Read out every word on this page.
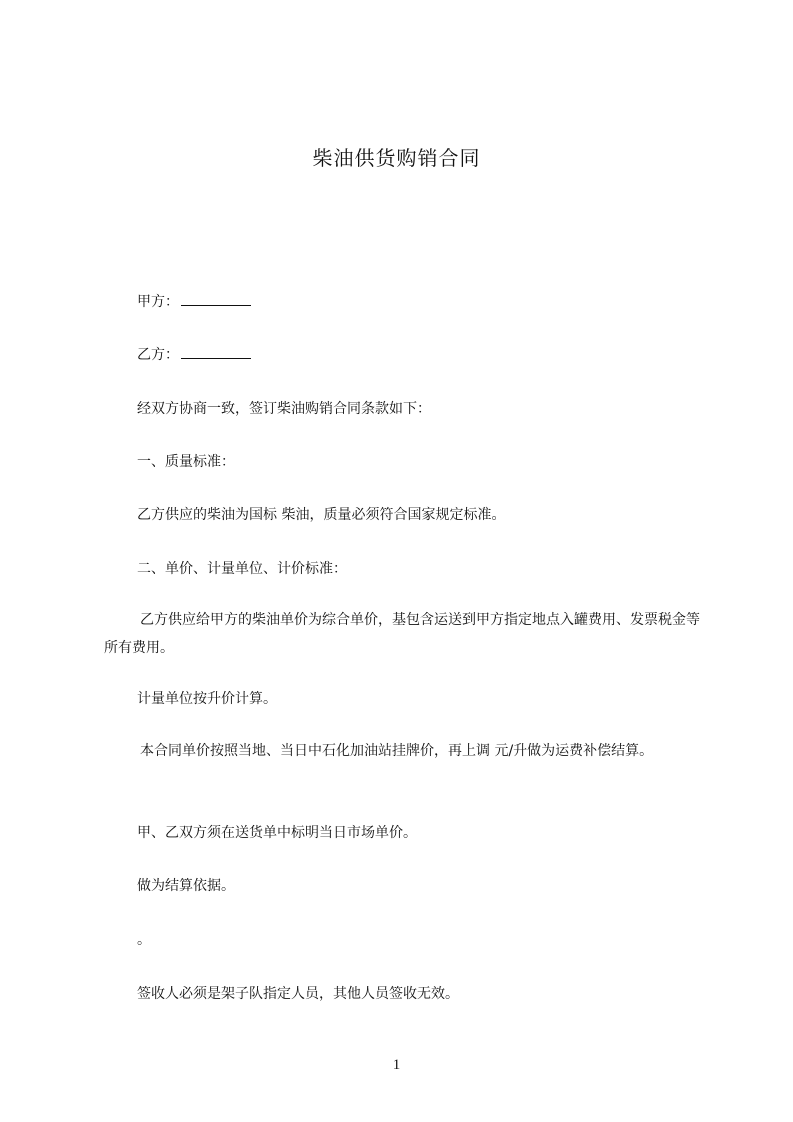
柴油供货购销合同
甲方：
乙方：
经双方协商一致，签订柴油购销合同条款如下：
一、质量标准：
乙方供应的柴油为国标 柴油，质量必须符合国家规定标准。
二、单价、计量单位、计价标准：
乙方供应给甲方的柴油单价为综合单价，基包含运送到甲方指定地点入罐费用、发票税金等所有费用。
计量单位按升价计算。
本合同单价按照当地、当日中石化加油站挂牌价，再上调 元/升做为运费补偿结算。
甲、乙双方须在送货单中标明当日市场单价。
做为结算依据。
。
签收人必须是架子队指定人员，其他人员签收无效。
1
